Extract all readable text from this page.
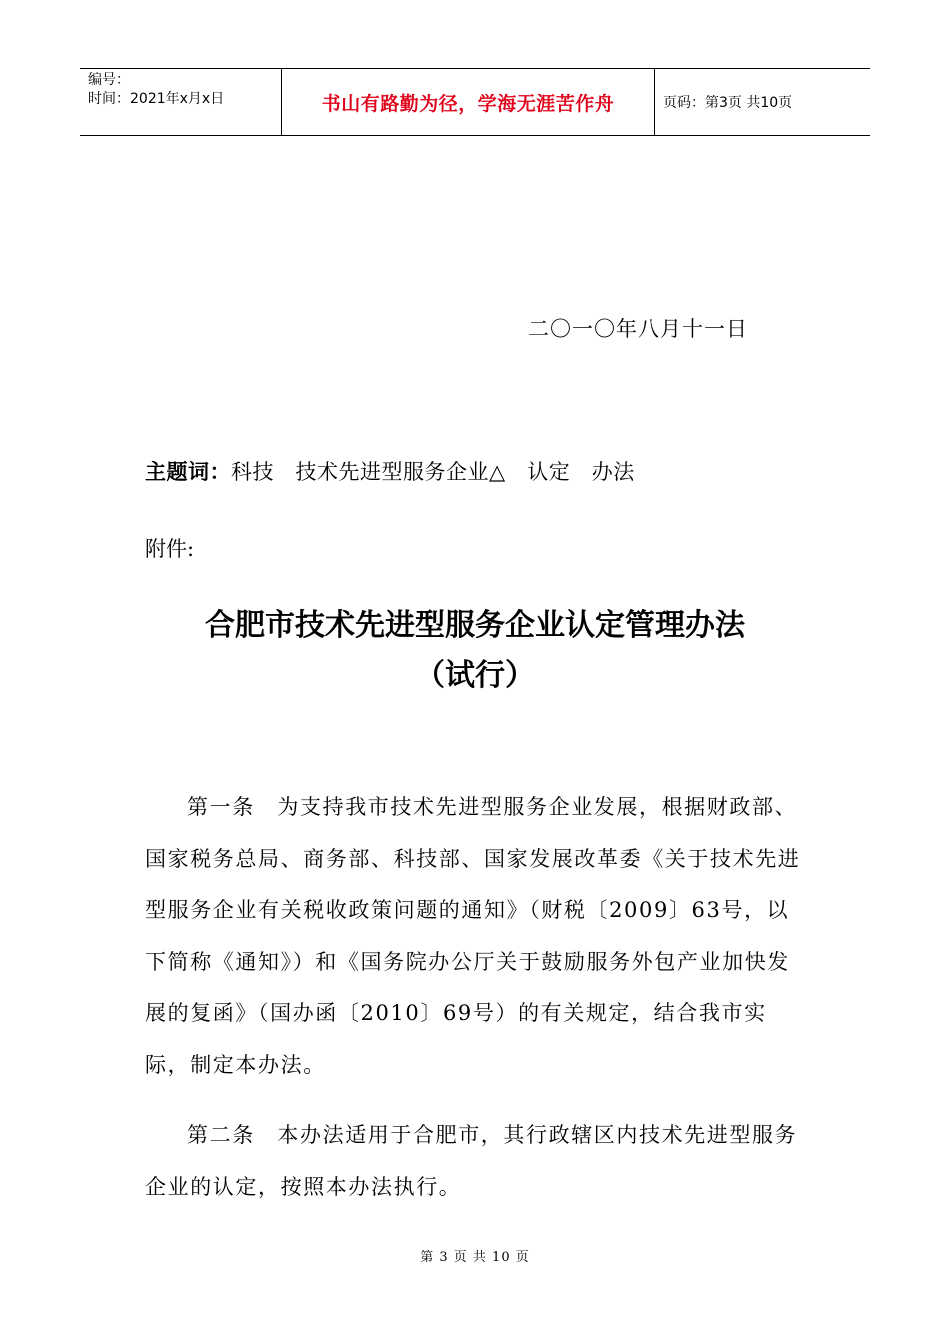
编号：
时间：2021年x月x日	书山有路勤为径，学海无涯苦作舟	页码：第3页 共10页
二〇一〇年八月十一日
主题词：科技   技术先进型服务企业△   认定   办法
附件:
合肥市技术先进型服务企业认定管理办法
（试行）

第一条　为支持我市技术先进型服务企业发展，根据财政部、国家税务总局、商务部、科技部、国家发展改革委《关于技术先进型服务企业有关税收政策问题的通知》（财税〔2009〕63号，以下简称《通知》）和《国务院办公厅关于鼓励服务外包产业加快发展的复函》（国办函〔2010〕69号）的有关规定，结合我市实际，制定本办法。

第二条　本办法适用于合肥市，其行政辖区内技术先进型服务企业的认定，按照本办法执行。

第 3 页 共 10 页
